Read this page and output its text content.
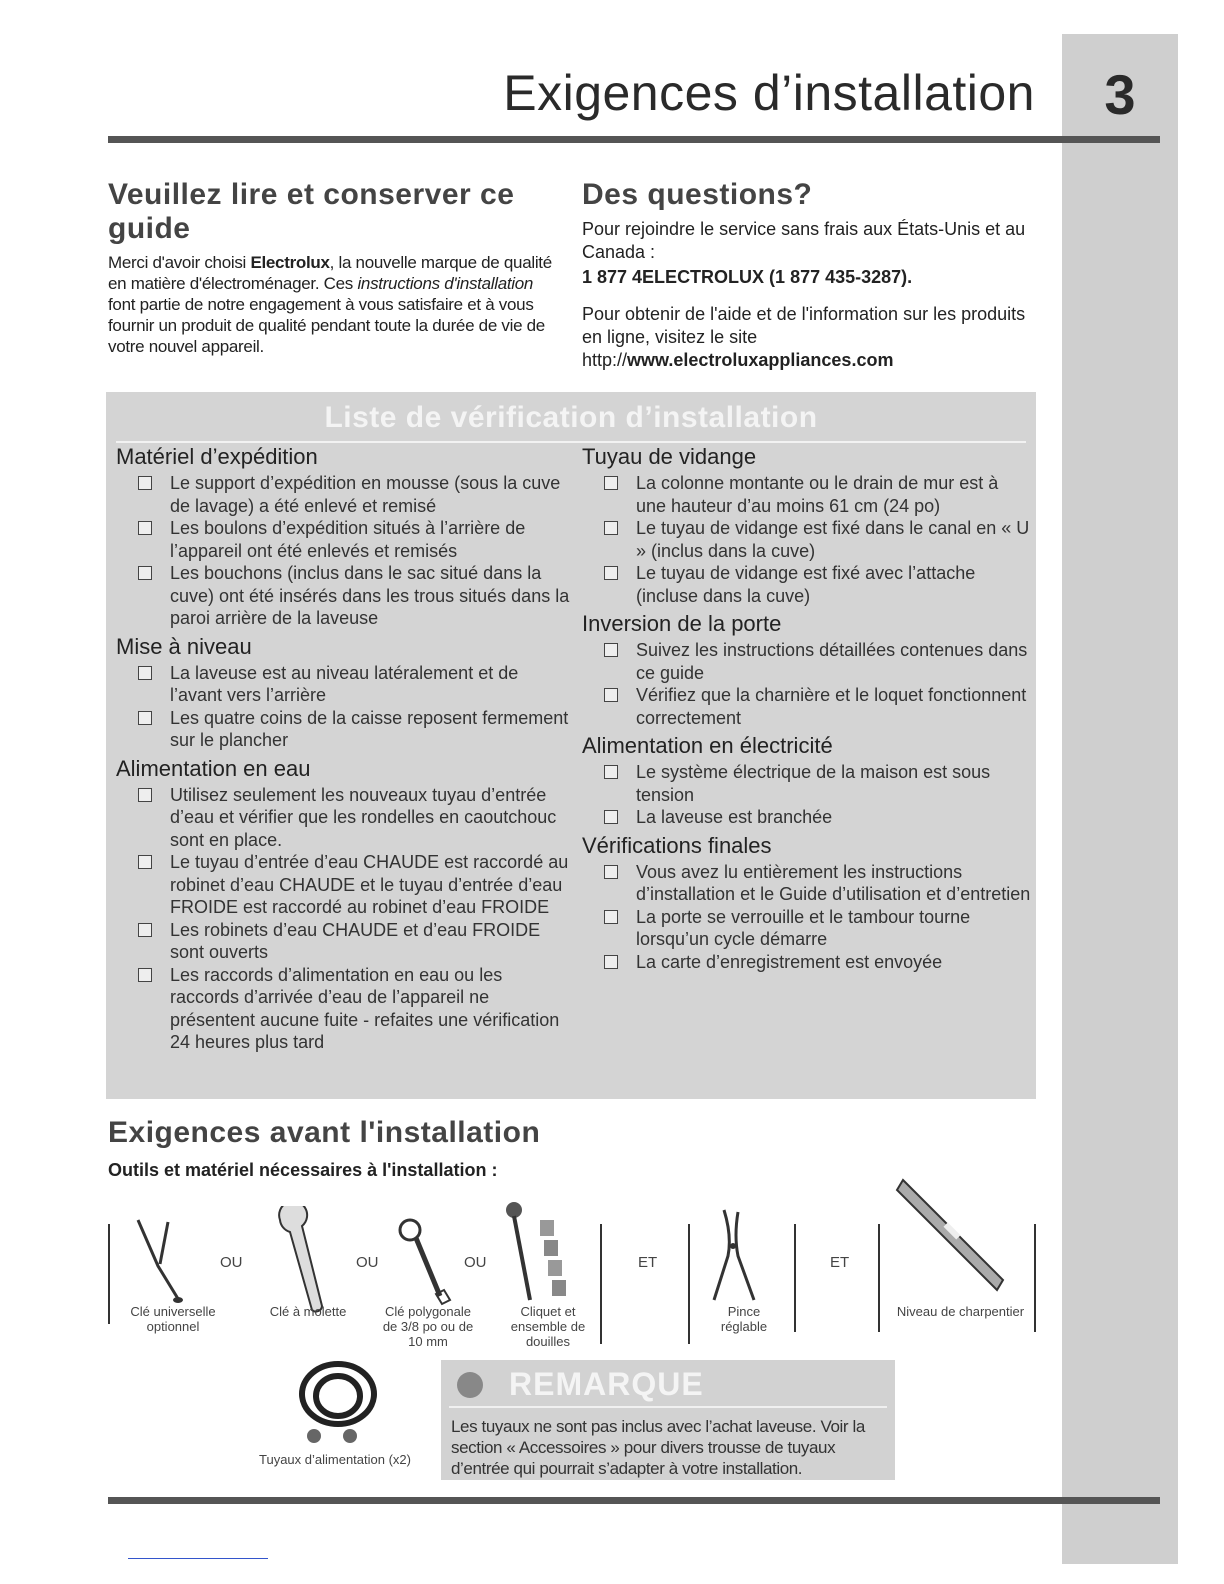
3
Exigences d’installation
Veuillez lire et conserver ce guide

Merci d'avoir choisi Electrolux, la nouvelle marque de qualité en matière d'électroménager. Ces instructions d'installation font partie de notre engagement à vous satisfaire et à vous fournir un produit de qualité pendant toute la durée de vie de votre nouvel appareil.

Des questions?

Pour rejoindre le service sans frais aux États-Unis et au Canada :

1 877 4ELECTROLUX (1 877 435-3287).

Pour obtenir de l'aide et de l'information sur les produits en ligne, visitez le site
http://www.electroluxappliances.com

Liste de vérification d’installation
Matériel d’expédition
Le support d’expédition en mousse (sous la cuve de lavage) a été enlevé et remisé
Les boulons d’expédition situés à l’arrière de l’appareil ont été enlevés et remisés
Les bouchons (inclus dans le sac situé dans la cuve) ont été insérés dans les trous situés dans la paroi arrière de la laveuse
Mise à niveau
La laveuse est au niveau latéralement et de l’avant vers l’arrière
Les quatre coins de la caisse reposent fermement sur le plancher
Alimentation en eau
Utilisez seulement les nouveaux tuyau d’entrée d’eau et vérifier que les rondelles en caoutchouc sont en place.
Le tuyau d’entrée d’eau CHAUDE est raccordé au robinet d’eau CHAUDE et le tuyau d’entrée d’eau FROIDE est raccordé au robinet d’eau FROIDE
Les robinets d’eau CHAUDE et d’eau FROIDE sont ouverts
Les raccords d’alimentation en eau ou les raccords d’arrivée d’eau de l’appareil ne présentent aucune fuite - refaites une vérification 24 heures plus tard
Tuyau de vidange
La colonne montante ou le drain de mur est à une hauteur d’au moins 61 cm (24 po)
Le tuyau de vidange est fixé dans le canal en « U » (inclus dans la cuve)
Le tuyau de vidange est fixé avec l’attache (incluse dans la cuve)
Inversion de la porte
Suivez les instructions détaillées contenues dans ce guide
Vérifiez que la charnière et le loquet fonctionnent correctement
Alimentation en électricité
Le système électrique de la maison est sous tension
La laveuse est branchée
Vérifications finales
Vous avez lu entièrement les instructions d’installation et le Guide d’utilisation et d’entretien
La porte se verrouille et le tambour tourne lorsqu’un cycle démarre
La carte d’enregistrement est envoyée
Exigences avant l'installation
Outils et matériel nécessaires à l'installation :
OU
Clé universelle optionnel
OU
Clé à molette
OU
Clé polygonale de 3/8 po ou de 10 mm
Cliquet et ensemble de douilles
ET
Pince réglable
ET
Niveau de charpentier
Tuyaux d’alimentation (x2)
REMARQUE
Les tuyaux ne sont pas inclus avec l’achat laveuse. Voir la section « Accessoires » pour divers trousse de tuyaux d’entrée qui pourrait s’adapter à votre installation.
